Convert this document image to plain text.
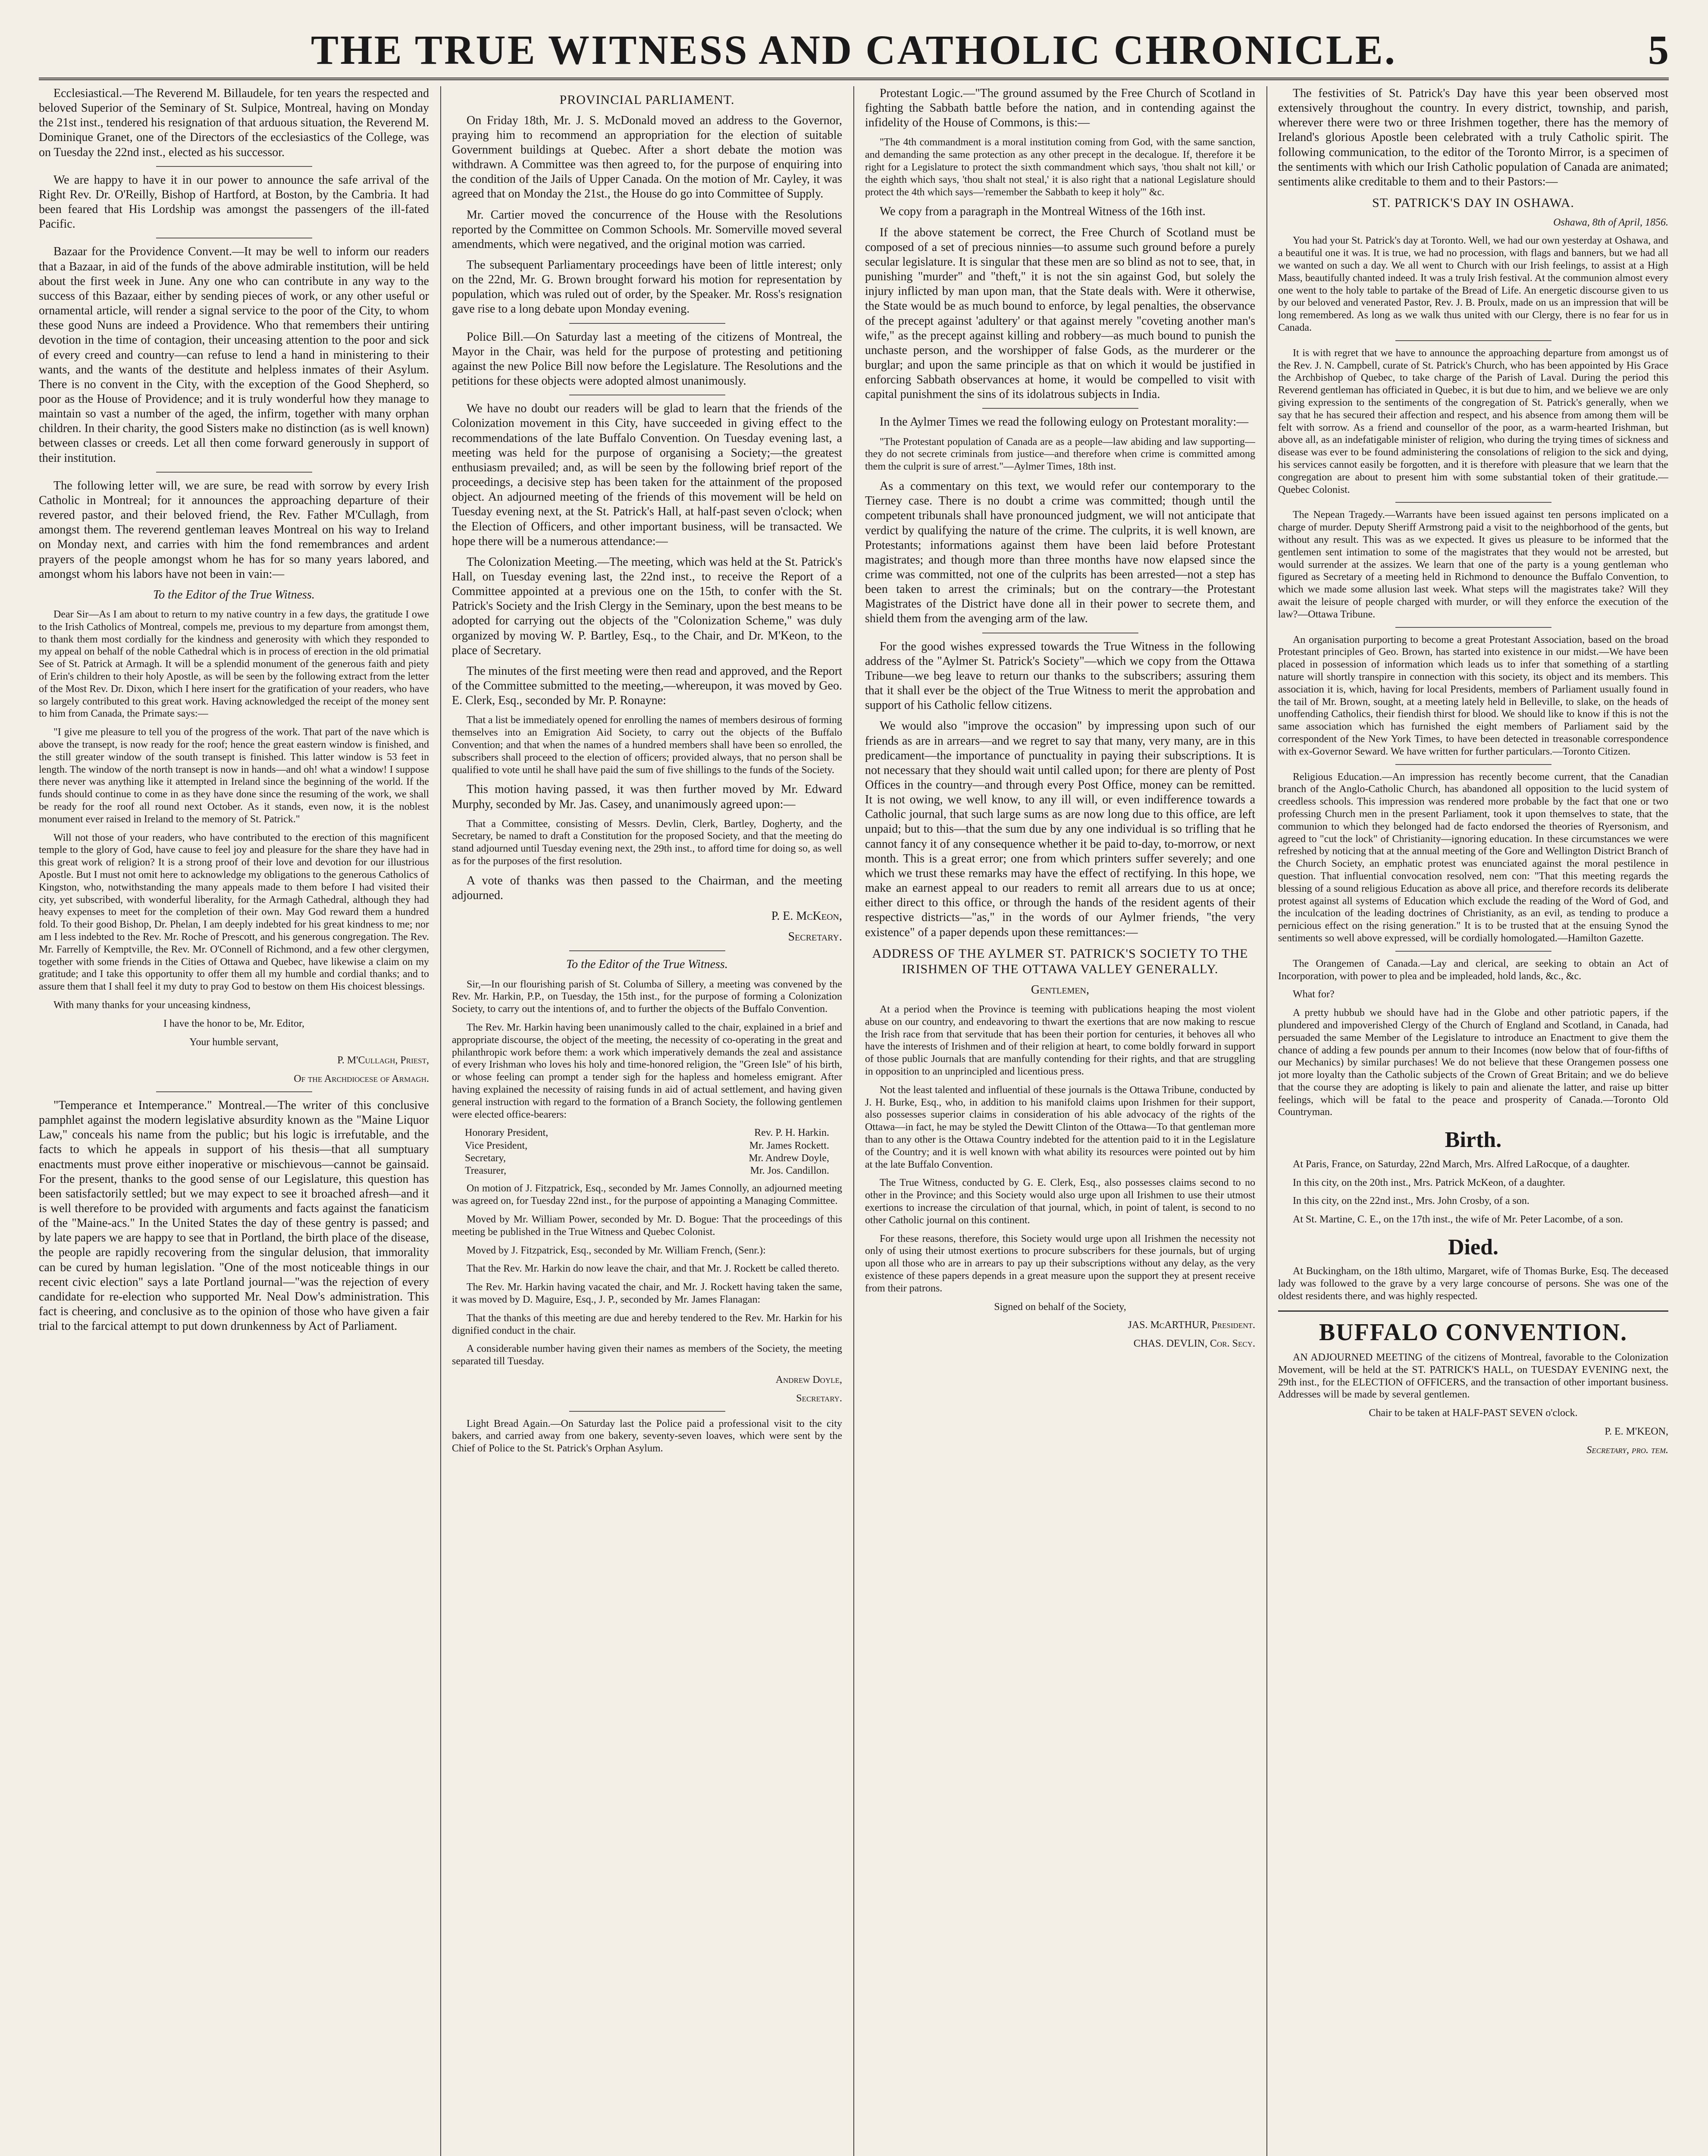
THE TRUE WITNESS AND CATHOLIC CHRONICLE.	5

Ecclesiastical.—The Reverend M. Billaudele, for ten years the respected and beloved Superior of the Seminary of St. Sulpice, Montreal, having on Monday the 21st inst., tendered his resignation of that arduous situation, the Reverend M. Dominique Granet, one of the Directors of the ecclesiastics of the College, was on Tuesday the 22nd inst., elected as his successor.

We are happy to have it in our power to announce the safe arrival of the Right Rev. Dr. O'Reilly, Bishop of Hartford, at Boston, by the Cambria. It had been feared that His Lordship was amongst the passengers of the ill-fated Pacific.

Bazaar for the Providence Convent.—It may be well to inform our readers that a Bazaar, in aid of the funds of the above admirable institution, will be held about the first week in June. Any one who can contribute in any way to the success of this Bazaar, either by sending pieces of work, or any other useful or ornamental article, will render a signal service to the poor of the City, to whom these good Nuns are indeed a Providence. Who that remembers their untiring devotion in the time of contagion, their unceasing attention to the poor and sick of every creed and country—can refuse to lend a hand in ministering to their wants, and the wants of the destitute and helpless inmates of their Asylum. There is no convent in the City, with the exception of the Good Shepherd, so poor as the House of Providence; and it is truly wonderful how they manage to maintain so vast a number of the aged, the infirm, together with many orphan children. In their charity, the good Sisters make no distinction (as is well known) between classes or creeds. Let all then come forward generously in support of their institution.

The following letter will, we are sure, be read with sorrow by every Irish Catholic in Montreal; for it announces the approaching departure of their revered pastor, and their beloved friend, the Rev. Father M'Cullagh, from amongst them. The reverend gentleman leaves Montreal on his way to Ireland on Monday next, and carries with him the fond remembrances and ardent prayers of the people amongst whom he has for so many years labored, and amongst whom his labors have not been in vain:—

To the Editor of the True Witness.

Dear Sir—As I am about to return to my native country in a few days, the gratitude I owe to the Irish Catholics of Montreal, compels me, previous to my departure from amongst them, to thank them most cordially for the kindness and generosity with which they responded to my appeal on behalf of the noble Cathedral which is in process of erection in the old primatial See of St. Patrick at Armagh. It will be a splendid monument of the generous faith and piety of Erin's children to their holy Apostle, as will be seen by the following extract from the letter of the Most Rev. Dr. Dixon, which I here insert for the gratification of your readers, who have so largely contributed to this great work. Having acknowledged the receipt of the money sent to him from Canada, the Primate says:—

"I give me pleasure to tell you of the progress of the work. That part of the nave which is above the transept, is now ready for the roof; hence the great eastern window is finished, and the still greater window of the south transept is finished. This latter window is 53 feet in length. The window of the north transept is now in hands—and oh! what a window! I suppose there never was anything like it attempted in Ireland since the beginning of the world. If the funds should continue to come in as they have done since the resuming of the work, we shall be ready for the roof all round next October. As it stands, even now, it is the noblest monument ever raised in Ireland to the memory of St. Patrick."

Will not those of your readers, who have contributed to the erection of this magnificent temple to the glory of God, have cause to feel joy and pleasure for the share they have had in this great work of religion? It is a strong proof of their love and devotion for our illustrious Apostle. But I must not omit here to acknowledge my obligations to the generous Catholics of Kingston, who, notwithstanding the many appeals made to them before I had visited their city, yet subscribed, with wonderful liberality, for the Armagh Cathedral, although they had heavy expenses to meet for the completion of their own. May God reward them a hundred fold. To their good Bishop, Dr. Phelan, I am deeply indebted for his great kindness to me; nor am I less indebted to the Rev. Mr. Roche of Prescott, and his generous congregation. The Rev. Mr. Farrelly of Kemptville, the Rev. Mr. O'Connell of Richmond, and a few other clergymen, together with some friends in the Cities of Ottawa and Quebec, have likewise a claim on my gratitude; and I take this opportunity to offer them all my humble and cordial thanks; and to assure them that I shall feel it my duty to pray God to bestow on them His choicest blessings.

With many thanks for your unceasing kindness,

I have the honor to be, Mr. Editor,

Your humble servant,

P. M'Cullagh, Priest,

Of the Archdiocese of Armagh.

"Temperance et Intemperance." Montreal.—The writer of this conclusive pamphlet against the modern legislative absurdity known as the "Maine Liquor Law," conceals his name from the public; but his logic is irrefutable, and the facts to which he appeals in support of his thesis—that all sumptuary enactments must prove either inoperative or mischievous—cannot be gainsaid. For the present, thanks to the good sense of our Legislature, this question has been satisfactorily settled; but we may expect to see it broached afresh—and it is well therefore to be provided with arguments and facts against the fanaticism of the "Maine-acs." In the United States the day of these gentry is passed; and by late papers we are happy to see that in Portland, the birth place of the disease, the people are rapidly recovering from the singular delusion, that immorality can be cured by human legislation. "One of the most noticeable things in our recent civic election" says a late Portland journal—"was the rejection of every candidate for re-election who supported Mr. Neal Dow's administration. This fact is cheering, and conclusive as to the opinion of those who have given a fair trial to the farcical attempt to put down drunkenness by Act of Parliament.

PROVINCIAL PARLIAMENT.

On Friday 18th, Mr. J. S. McDonald moved an address to the Governor, praying him to recommend an appropriation for the election of suitable Government buildings at Quebec. After a short debate the motion was withdrawn. A Committee was then agreed to, for the purpose of enquiring into the condition of the Jails of Upper Canada. On the motion of Mr. Cayley, it was agreed that on Monday the 21st., the House do go into Committee of Supply.

Mr. Cartier moved the concurrence of the House with the Resolutions reported by the Committee on Common Schools. Mr. Somerville moved several amendments, which were negatived, and the original motion was carried.

The subsequent Parliamentary proceedings have been of little interest; only on the 22nd, Mr. G. Brown brought forward his motion for representation by population, which was ruled out of order, by the Speaker. Mr. Ross's resignation gave rise to a long debate upon Monday evening.

Police Bill.—On Saturday last a meeting of the citizens of Montreal, the Mayor in the Chair, was held for the purpose of protesting and petitioning against the new Police Bill now before the Legislature. The Resolutions and the petitions for these objects were adopted almost unanimously.

We have no doubt our readers will be glad to learn that the friends of the Colonization movement in this City, have succeeded in giving effect to the recommendations of the late Buffalo Convention. On Tuesday evening last, a meeting was held for the purpose of organising a Society;—the greatest enthusiasm prevailed; and, as will be seen by the following brief report of the proceedings, a decisive step has been taken for the attainment of the proposed object. An adjourned meeting of the friends of this movement will be held on Tuesday evening next, at the St. Patrick's Hall, at half-past seven o'clock; when the Election of Officers, and other important business, will be transacted. We hope there will be a numerous attendance:—

The Colonization Meeting.—The meeting, which was held at the St. Patrick's Hall, on Tuesday evening last, the 22nd inst., to receive the Report of a Committee appointed at a previous one on the 15th, to confer with the St. Patrick's Society and the Irish Clergy in the Seminary, upon the best means to be adopted for carrying out the objects of the "Colonization Scheme," was duly organized by moving W. P. Bartley, Esq., to the Chair, and Dr. M'Keon, to the place of Secretary.

The minutes of the first meeting were then read and approved, and the Report of the Committee submitted to the meeting,—whereupon, it was moved by Geo. E. Clerk, Esq., seconded by Mr. P. Ronayne:

That a list be immediately opened for enrolling the names of members desirous of forming themselves into an Emigration Aid Society, to carry out the objects of the Buffalo Convention; and that when the names of a hundred members shall have been so enrolled, the subscribers shall proceed to the election of officers; provided always, that no person shall be qualified to vote until he shall have paid the sum of five shillings to the funds of the Society.

This motion having passed, it was then further moved by Mr. Edward Murphy, seconded by Mr. Jas. Casey, and unanimously agreed upon:—

That a Committee, consisting of Messrs. Devlin, Clerk, Bartley, Dogherty, and the Secretary, be named to draft a Constitution for the proposed Society, and that the meeting do stand adjourned until Tuesday evening next, the 29th inst., to afford time for doing so, as well as for the purposes of the first resolution.

A vote of thanks was then passed to the Chairman, and the meeting adjourned.

P. E. McKeon,

Secretary.

To the Editor of the True Witness.

Sir,—In our flourishing parish of St. Columba of Sillery, a meeting was convened by the Rev. Mr. Harkin, P.P., on Tuesday, the 15th inst., for the purpose of forming a Colonization Society, to carry out the intentions of, and to further the objects of the Buffalo Convention.

The Rev. Mr. Harkin having been unanimously called to the chair, explained in a brief and appropriate discourse, the object of the meeting, the necessity of co-operating in the great and philanthropic work before them: a work which imperatively demands the zeal and assistance of every Irishman who loves his holy and time-honored religion, the "Green Isle" of his birth, or whose feeling can prompt a tender sigh for the hapless and homeless emigrant. After having explained the necessity of raising funds in aid of actual settlement, and having given general instruction with regard to the formation of a Branch Society, the following gentlemen were elected office-bearers:

Honorary President,	Rev. P. H. Harkin.
Vice President,	Mr. James Rockett.
Secretary,	Mr. Andrew Doyle,
Treasurer,	Mr. Jos. Candillon.

On motion of J. Fitzpatrick, Esq., seconded by Mr. James Connolly, an adjourned meeting was agreed on, for Tuesday 22nd inst., for the purpose of appointing a Managing Committee.

Moved by Mr. William Power, seconded by Mr. D. Bogue: That the proceedings of this meeting be published in the True Witness and Quebec Colonist.

Moved by J. Fitzpatrick, Esq., seconded by Mr. William French, (Senr.):

That the Rev. Mr. Harkin do now leave the chair, and that Mr. J. Rockett be called thereto.

The Rev. Mr. Harkin having vacated the chair, and Mr. J. Rockett having taken the same, it was moved by D. Maguire, Esq., J. P., seconded by Mr. James Flanagan:

That the thanks of this meeting are due and hereby tendered to the Rev. Mr. Harkin for his dignified conduct in the chair.

A considerable number having given their names as members of the Society, the meeting separated till Tuesday.

Andrew Doyle,

Secretary.

Light Bread Again.—On Saturday last the Police paid a professional visit to the city bakers, and carried away from one bakery, seventy-seven loaves, which were sent by the Chief of Police to the St. Patrick's Orphan Asylum.

Protestant Logic.—"The ground assumed by the Free Church of Scotland in fighting the Sabbath battle before the nation, and in contending against the infidelity of the House of Commons, is this:—

"The 4th commandment is a moral institution coming from God, with the same sanction, and demanding the same protection as any other precept in the decalogue. If, therefore it be right for a Legislature to protect the sixth commandment which says, 'thou shalt not kill,' or the eighth which says, 'thou shalt not steal,' it is also right that a national Legislature should protect the 4th which says—'remember the Sabbath to keep it holy'" &c.

We copy from a paragraph in the Montreal Witness of the 16th inst.

If the above statement be correct, the Free Church of Scotland must be composed of a set of precious ninnies—to assume such ground before a purely secular legislature. It is singular that these men are so blind as not to see, that, in punishing "murder" and "theft," it is not the sin against God, but solely the injury inflicted by man upon man, that the State deals with. Were it otherwise, the State would be as much bound to enforce, by legal penalties, the observance of the precept against 'adultery' or that against merely "coveting another man's wife," as the precept against killing and robbery—as much bound to punish the unchaste person, and the worshipper of false Gods, as the murderer or the burglar; and upon the same principle as that on which it would be justified in enforcing Sabbath observances at home, it would be compelled to visit with capital punishment the sins of its idolatrous subjects in India.

In the Aylmer Times we read the following eulogy on Protestant morality:—

"The Protestant population of Canada are as a people—law abiding and law supporting—they do not secrete criminals from justice—and therefore when crime is committed among them the culprit is sure of arrest."—Aylmer Times, 18th inst.

As a commentary on this text, we would refer our contemporary to the Tierney case. There is no doubt a crime was committed; though until the competent tribunals shall have pronounced judgment, we will not anticipate that verdict by qualifying the nature of the crime. The culprits, it is well known, are Protestants; informations against them have been laid before Protestant magistrates; and though more than three months have now elapsed since the crime was committed, not one of the culprits has been arrested—not a step has been taken to arrest the criminals; but on the contrary—the Protestant Magistrates of the District have done all in their power to secrete them, and shield them from the avenging arm of the law.

For the good wishes expressed towards the True Witness in the following address of the "Aylmer St. Patrick's Society"—which we copy from the Ottawa Tribune—we beg leave to return our thanks to the subscribers; assuring them that it shall ever be the object of the True Witness to merit the approbation and support of his Catholic fellow citizens.

We would also "improve the occasion" by impressing upon such of our friends as are in arrears—and we regret to say that many, very many, are in this predicament—the importance of punctuality in paying their subscriptions. It is not necessary that they should wait until called upon; for there are plenty of Post Offices in the country—and through every Post Office, money can be remitted. It is not owing, we well know, to any ill will, or even indifference towards a Catholic journal, that such large sums as are now long due to this office, are left unpaid; but to this—that the sum due by any one individual is so trifling that he cannot fancy it of any consequence whether it be paid to-day, to-morrow, or next month. This is a great error; one from which printers suffer severely; and one which we trust these remarks may have the effect of rectifying. In this hope, we make an earnest appeal to our readers to remit all arrears due to us at once; either direct to this office, or through the hands of the resident agents of their respective districts—"as," in the words of our Aylmer friends, "the very existence" of a paper depends upon these remittances:—

ADDRESS OF THE AYLMER ST. PATRICK'S SOCIETY TO THE IRISHMEN OF THE OTTAWA VALLEY GENERALLY.

Gentlemen,

At a period when the Province is teeming with publications heaping the most violent abuse on our country, and endeavoring to thwart the exertions that are now making to rescue the Irish race from that servitude that has been their portion for centuries, it behoves all who have the interests of Irishmen and of their religion at heart, to come boldly forward in support of those public Journals that are manfully contending for their rights, and that are struggling in opposition to an unprincipled and licentious press.

Not the least talented and influential of these journals is the Ottawa Tribune, conducted by J. H. Burke, Esq., who, in addition to his manifold claims upon Irishmen for their support, also possesses superior claims in consideration of his able advocacy of the rights of the Ottawa—in fact, he may be styled the Dewitt Clinton of the Ottawa—To that gentleman more than to any other is the Ottawa Country indebted for the attention paid to it in the Legislature of the Country; and it is well known with what ability its resources were pointed out by him at the late Buffalo Convention.

The True Witness, conducted by G. E. Clerk, Esq., also possesses claims second to no other in the Province; and this Society would also urge upon all Irishmen to use their utmost exertions to increase the circulation of that journal, which, in point of talent, is second to no other Catholic journal on this continent.

For these reasons, therefore, this Society would urge upon all Irishmen the necessity not only of using their utmost exertions to procure subscribers for these journals, but of urging upon all those who are in arrears to pay up their subscriptions without any delay, as the very existence of these papers depends in a great measure upon the support they at present receive from their patrons.

Signed on behalf of the Society,

JAS. McARTHUR, President.

CHAS. DEVLIN, Cor. Secy.

The festivities of St. Patrick's Day have this year been observed most extensively throughout the country. In every district, township, and parish, wherever there were two or three Irishmen together, there has the memory of Ireland's glorious Apostle been celebrated with a truly Catholic spirit. The following communication, to the editor of the Toronto Mirror, is a specimen of the sentiments with which our Irish Catholic population of Canada are animated; sentiments alike creditable to them and to their Pastors:—

ST. PATRICK'S DAY IN OSHAWA.

Oshawa, 8th of April, 1856.

You had your St. Patrick's day at Toronto. Well, we had our own yesterday at Oshawa, and a beautiful one it was. It is true, we had no procession, with flags and banners, but we had all we wanted on such a day. We all went to Church with our Irish feelings, to assist at a High Mass, beautifully chanted indeed. It was a truly Irish festival. At the communion almost every one went to the holy table to partake of the Bread of Life. An energetic discourse given to us by our beloved and venerated Pastor, Rev. J. B. Proulx, made on us an impression that will be long remembered. As long as we walk thus united with our Clergy, there is no fear for us in Canada.

It is with regret that we have to announce the approaching departure from amongst us of the Rev. J. N. Campbell, curate of St. Patrick's Church, who has been appointed by His Grace the Archbishop of Quebec, to take charge of the Parish of Laval. During the period this Reverend gentleman has officiated in Quebec, it is but due to him, and we believe we are only giving expression to the sentiments of the congregation of St. Patrick's generally, when we say that he has secured their affection and respect, and his absence from among them will be felt with sorrow. As a friend and counsellor of the poor, as a warm-hearted Irishman, but above all, as an indefatigable minister of religion, who during the trying times of sickness and disease was ever to be found administering the consolations of religion to the sick and dying, his services cannot easily be forgotten, and it is therefore with pleasure that we learn that the congregation are about to present him with some substantial token of their gratitude.—Quebec Colonist.

The Nepean Tragedy.—Warrants have been issued against ten persons implicated on a charge of murder. Deputy Sheriff Armstrong paid a visit to the neighborhood of the gents, but without any result. This was as we expected. It gives us pleasure to be informed that the gentlemen sent intimation to some of the magistrates that they would not be arrested, but would surrender at the assizes. We learn that one of the party is a young gentleman who figured as Secretary of a meeting held in Richmond to denounce the Buffalo Convention, to which we made some allusion last week. What steps will the magistrates take? Will they await the leisure of people charged with murder, or will they enforce the execution of the law?—Ottawa Tribune.

An organisation purporting to become a great Protestant Association, based on the broad Protestant principles of Geo. Brown, has started into existence in our midst.—We have been placed in possession of information which leads us to infer that something of a startling nature will shortly transpire in connection with this society, its object and its members. This association it is, which, having for local Presidents, members of Parliament usually found in the tail of Mr. Brown, sought, at a meeting lately held in Belleville, to slake, on the heads of unoffending Catholics, their fiendish thirst for blood. We should like to know if this is not the same association which has furnished the eight members of Parliament said by the correspondent of the New York Times, to have been detected in treasonable correspondence with ex-Governor Seward. We have written for further particulars.—Toronto Citizen.

Religious Education.—An impression has recently become current, that the Canadian branch of the Anglo-Catholic Church, has abandoned all opposition to the lucid system of creedless schools. This impression was rendered more probable by the fact that one or two professing Church men in the present Parliament, took it upon themselves to state, that the communion to which they belonged had de facto endorsed the theories of Ryersonism, and agreed to "cut the lock" of Christianity—ignoring education. In these circumstances we were refreshed by noticing that at the annual meeting of the Gore and Wellington District Branch of the Church Society, an emphatic protest was enunciated against the moral pestilence in question. That influential convocation resolved, nem con: "That this meeting regards the blessing of a sound religious Education as above all price, and therefore records its deliberate protest against all systems of Education which exclude the reading of the Word of God, and the inculcation of the leading doctrines of Christianity, as an evil, as tending to produce a pernicious effect on the rising generation." It is to be trusted that at the ensuing Synod the sentiments so well above expressed, will be cordially homologated.—Hamilton Gazette.

The Orangemen of Canada.—Lay and clerical, are seeking to obtain an Act of Incorporation, with power to plea and be impleaded, hold lands, &c., &c.

What for?

A pretty hubbub we should have had in the Globe and other patriotic papers, if the plundered and impoverished Clergy of the Church of England and Scotland, in Canada, had persuaded the same Member of the Legislature to introduce an Enactment to give them the chance of adding a few pounds per annum to their Incomes (now below that of four-fifths of our Mechanics) by similar purchases! We do not believe that these Orangemen possess one jot more loyalty than the Catholic subjects of the Crown of Great Britain; and we do believe that the course they are adopting is likely to pain and alienate the latter, and raise up bitter feelings, which will be fatal to the peace and prosperity of Canada.—Toronto Old Countryman.

Birth.

At Paris, France, on Saturday, 22nd March, Mrs. Alfred LaRocque, of a daughter.

In this city, on the 20th inst., Mrs. Patrick McKeon, of a daughter.

In this city, on the 22nd inst., Mrs. John Crosby, of a son.

At St. Martine, C. E., on the 17th inst., the wife of Mr. Peter Lacombe, of a son.

Died.

At Buckingham, on the 18th ultimo, Margaret, wife of Thomas Burke, Esq. The deceased lady was followed to the grave by a very large concourse of persons. She was one of the oldest residents there, and was highly respected.

BUFFALO CONVENTION.

AN ADJOURNED MEETING of the citizens of Montreal, favorable to the Colonization Movement, will be held at the ST. PATRICK'S HALL, on TUESDAY EVENING next, the 29th inst., for the ELECTION of OFFICERS, and the transaction of other important business. Addresses will be made by several gentlemen.

Chair to be taken at HALF-PAST SEVEN o'clock.

P. E. M'KEON,

Secretary, pro. tem.
